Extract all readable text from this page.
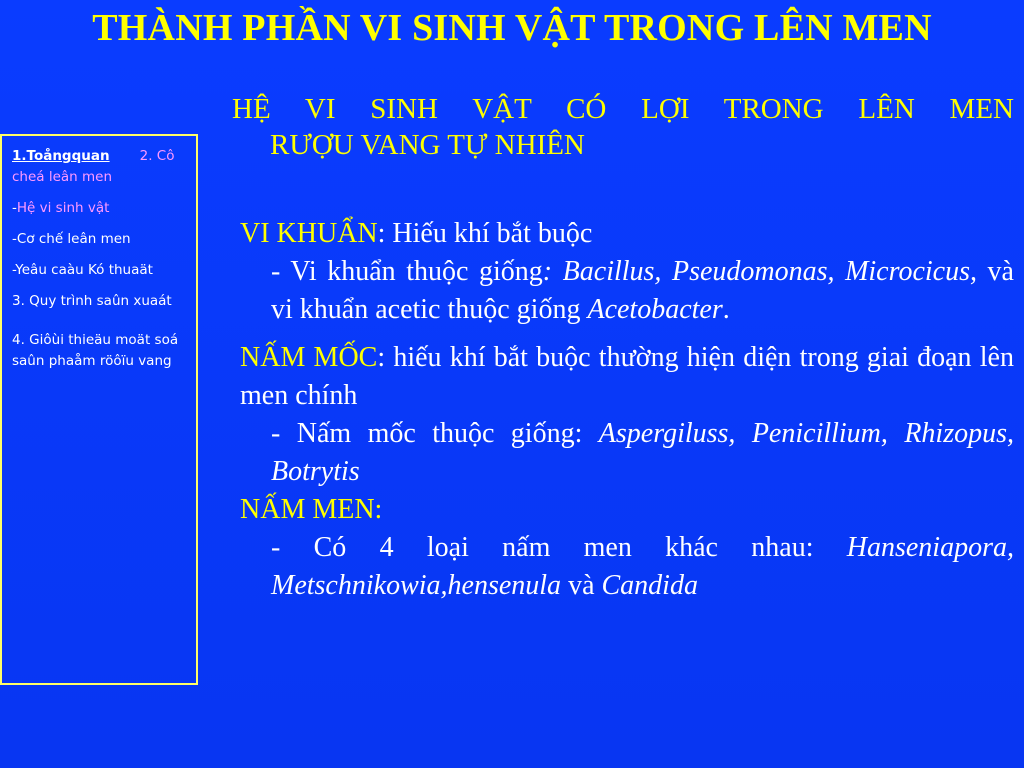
THÀNH PHẦN VI SINH VẬT TRONG LÊN MEN
HỆ VI SINH VẬT CÓ LỢI TRONG LÊN MEN
RƯỢU VANG TỰ NHIÊN
1.Toångquan 2. Cô cheá leân men
-Hệ vi sinh vật
-Cơ chế leân men
-Yeâu caàu Kó thuaät
3. Quy trình saûn xuaát
4. Giôùi thieäu moät soá saûn phaåm röôïu vang
VI KHUẨN: Hiếu khí bắt buộc
- Vi khuẩn thuộc giống: Bacillus, Pseudomonas, Microcicus, và vi khuẩn acetic thuộc giống Acetobacter.
NẤM MỐC: hiếu khí bắt buộc thường hiện diện trong giai đoạn lên men chính
- Nấm mốc thuộc giống: Aspergiluss, Penicillium, Rhizopus, Botrytis
NẤM MEN:
- Có 4 loại nấm men khác nhau: Hanseniapora, Metschnikowia,hensenula và Candida
